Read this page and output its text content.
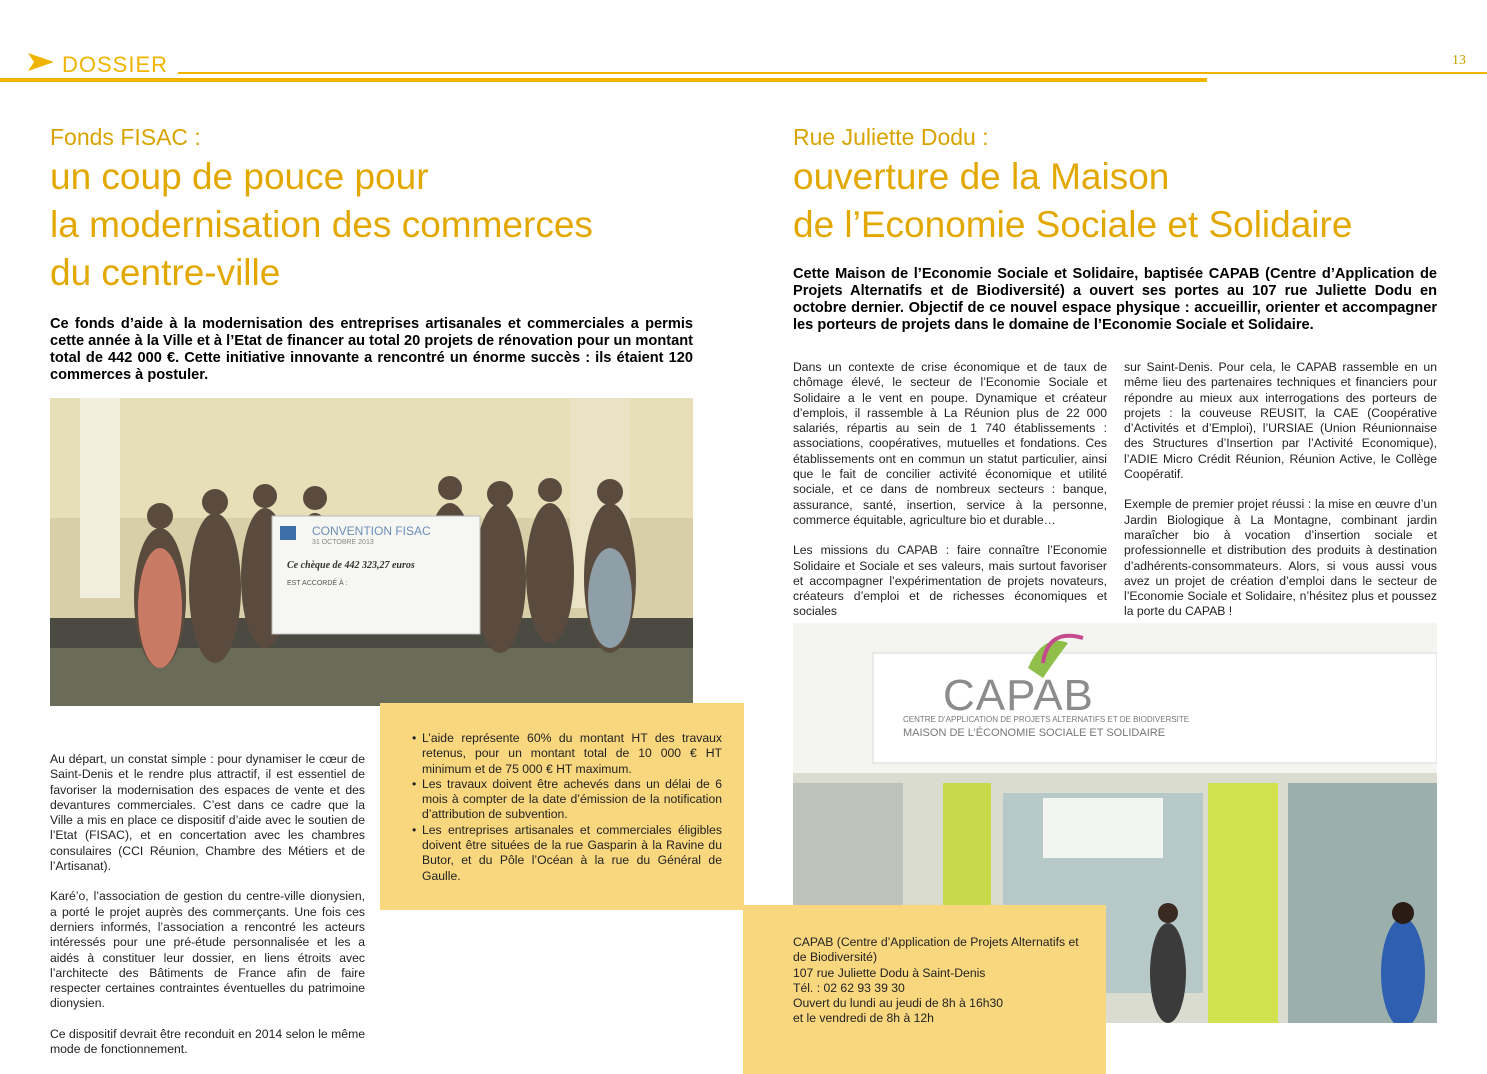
DOSSIER	13
Fonds FISAC :
un coup de pouce pour
la modernisation des commerces
du centre-ville
Ce fonds d’aide à la modernisation des entreprises artisanales et commerciales a permis cette année à la Ville et à l’Etat de financer au total 20 projets de rénovation pour un montant total de 442 000 €. Cette initiative innovante a rencontré un énorme succès : ils étaient 120 commerces à postuler.
CONVENTION FISAC
31 OCTOBRE 2013
Ce chèque de 442 323,27 euros
EST ACCORDÉ À :

Au départ, un constat simple : pour dynamiser le cœur de Saint-Denis et le rendre plus attractif, il est essentiel de favoriser la modernisation des espaces de vente et des devantures commerciales. C’est dans ce cadre que la Ville a mis en place ce dispositif d’aide avec le soutien de l’Etat (FISAC), et en concertation avec les chambres consulaires (CCI Réunion, Chambre des Métiers et de l’Artisanat).

Karé’o, l’association de gestion du centre-ville dionysien, a porté le projet auprès des commerçants. Une fois ces derniers informés, l’association a rencontré les acteurs intéressés pour une pré-étude personnalisée et les a aidés à constituer leur dossier, en liens étroits avec l’architecte des Bâtiments de France afin de faire respecter certaines contraintes éventuelles du patrimoine dionysien.

Ce dispositif devrait être reconduit en 2014 selon le même mode de fonctionnement.

• L’aide représente 60% du montant HT des travaux retenus, pour un montant total de 10 000 € HT minimum et de 75 000 € HT maximum.
• Les travaux doivent être achevés dans un délai de 6 mois à compter de la date d’émission de la notification d’attribution de subvention.
• Les entreprises artisanales et commerciales éligibles doivent être situées de la rue Gasparin à la Ravine du Butor, et du Pôle l’Océan à la rue du Général de Gaulle.
Rue Juliette Dodu :
ouverture de la Maison
de l’Economie Sociale et Solidaire
Cette Maison de l’Economie Sociale et Solidaire, baptisée CAPAB (Centre d’Application de Projets Alternatifs et de Biodiversité) a ouvert ses portes au 107 rue Juliette Dodu en octobre dernier. Objectif de ce nouvel espace physique : accueillir, orienter et accompagner les porteurs de projets dans le domaine de l’Economie Sociale et Solidaire.

Dans un contexte de crise économique et de taux de chômage élevé, le secteur de l’Economie Sociale et Solidaire a le vent en poupe. Dynamique et créateur d’emplois, il rassemble à La Réunion plus de 22 000 salariés, répartis au sein de 1 740 établissements : associations, coopératives, mutuelles et fondations. Ces établissements ont en commun un statut particulier, ainsi que le fait de concilier activité économique et utilité sociale, et ce dans de nombreux secteurs : banque, assurance, santé, insertion, service à la personne, commerce équitable, agriculture bio et durable…

Les missions du CAPAB : faire connaître l’Economie Solidaire et Sociale et ses valeurs, mais surtout favoriser et accompagner l’expérimentation de projets novateurs, créateurs d’emploi et de richesses économiques et sociales

sur Saint-Denis. Pour cela, le CAPAB rassemble en un même lieu des partenaires techniques et financiers pour répondre au mieux aux interrogations des porteurs de projets : la couveuse REUSIT, la CAE (Coopérative d’Activités et d’Emploi), l’URSIAE (Union Réunionnaise des Structures d’Insertion par l’Activité Economique), l’ADIE Micro Crédit Réunion, Réunion Active, le Collège Coopératif.

Exemple de premier projet réussi : la mise en œuvre d’un Jardin Biologique à La Montagne, combinant jardin maraîcher bio à vocation d’insertion sociale et professionnelle et distribution des produits à destination d’adhérents-consommateurs. Alors, si vous aussi vous avez un projet de création d’emploi dans le secteur de l’Economie Sociale et Solidaire, n’hésitez plus et poussez la porte du CAPAB !

CAPAB
CENTRE D’APPLICATION DE PROJETS ALTERNATIFS ET DE BIODIVERSITE
MAISON DE L’ÉCONOMIE SOCIALE ET SOLIDAIRE
CAPAB (Centre d’Application de Projets Alternatifs et de Biodiversité)
107 rue Juliette Dodu à Saint-Denis
Tél. : 02 62 93 39 30
Ouvert du lundi au jeudi de 8h à 16h30
et le vendredi de 8h à 12h
